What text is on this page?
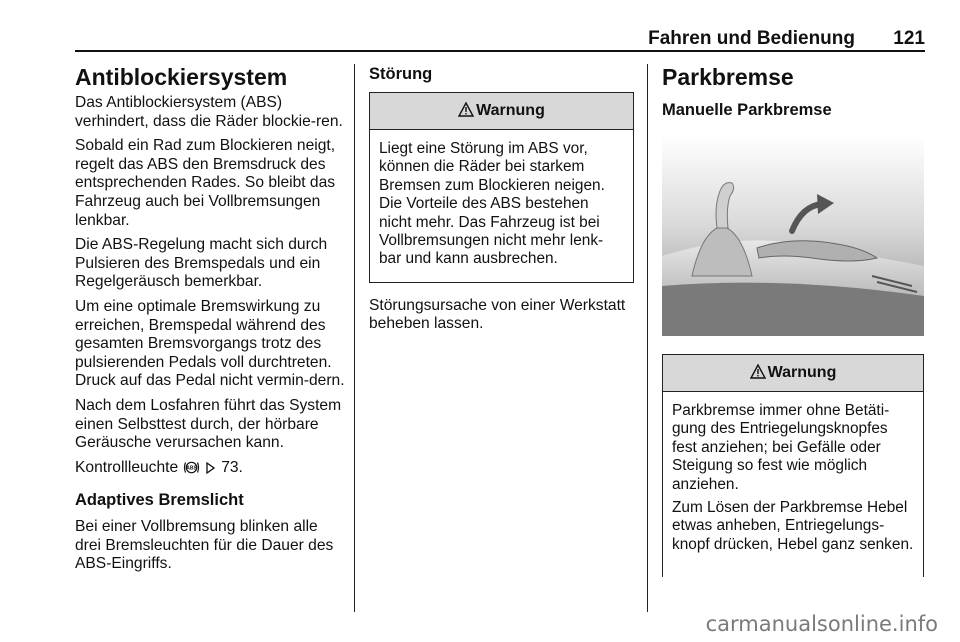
Fahren und Bedienung 121
Antiblockiersystem

Das Antiblockiersystem (ABS) verhindert, dass die Räder blockie-ren.

Sobald ein Rad zum Blockieren neigt, regelt das ABS den Bremsdruck des entsprechenden Rades. So bleibt das Fahrzeug auch bei Vollbremsungen lenkbar.

Die ABS-Regelung macht sich durch Pulsieren des Bremspedals und ein Regelgeräusch bemerkbar.

Um eine optimale Bremswirkung zu erreichen, Bremspedal während des gesamten Bremsvorgangs trotz des pulsierenden Pedals voll durchtreten. Druck auf das Pedal nicht vermin-dern.

Nach dem Losfahren führt das System einen Selbsttest durch, der hörbare Geräusche verursachen kann.

Kontrollleuchte ABS 73.

Adaptives Bremslicht

Bei einer Vollbremsung blinken alle drei Bremsleuchten für die Dauer des ABS-Eingriffs.

Störung
Warnung

Liegt eine Störung im ABS vor, können die Räder bei starkem Bremsen zum Blockieren neigen. Die Vorteile des ABS bestehen nicht mehr. Das Fahrzeug ist bei Vollbremsungen nicht mehr lenk-bar und kann ausbrechen.

Störungsursache von einer Werkstatt beheben lassen.

Parkbremse
Manuelle Parkbremse
Warnung

Parkbremse immer ohne Betäti-gung des Entriegelungsknopfes fest anziehen; bei Gefälle oder Steigung so fest wie möglich anziehen.

Zum Lösen der Parkbremse Hebel etwas anheben, Entriegelungs-knopf drücken, Hebel ganz senken.

carmanualsonline.info
